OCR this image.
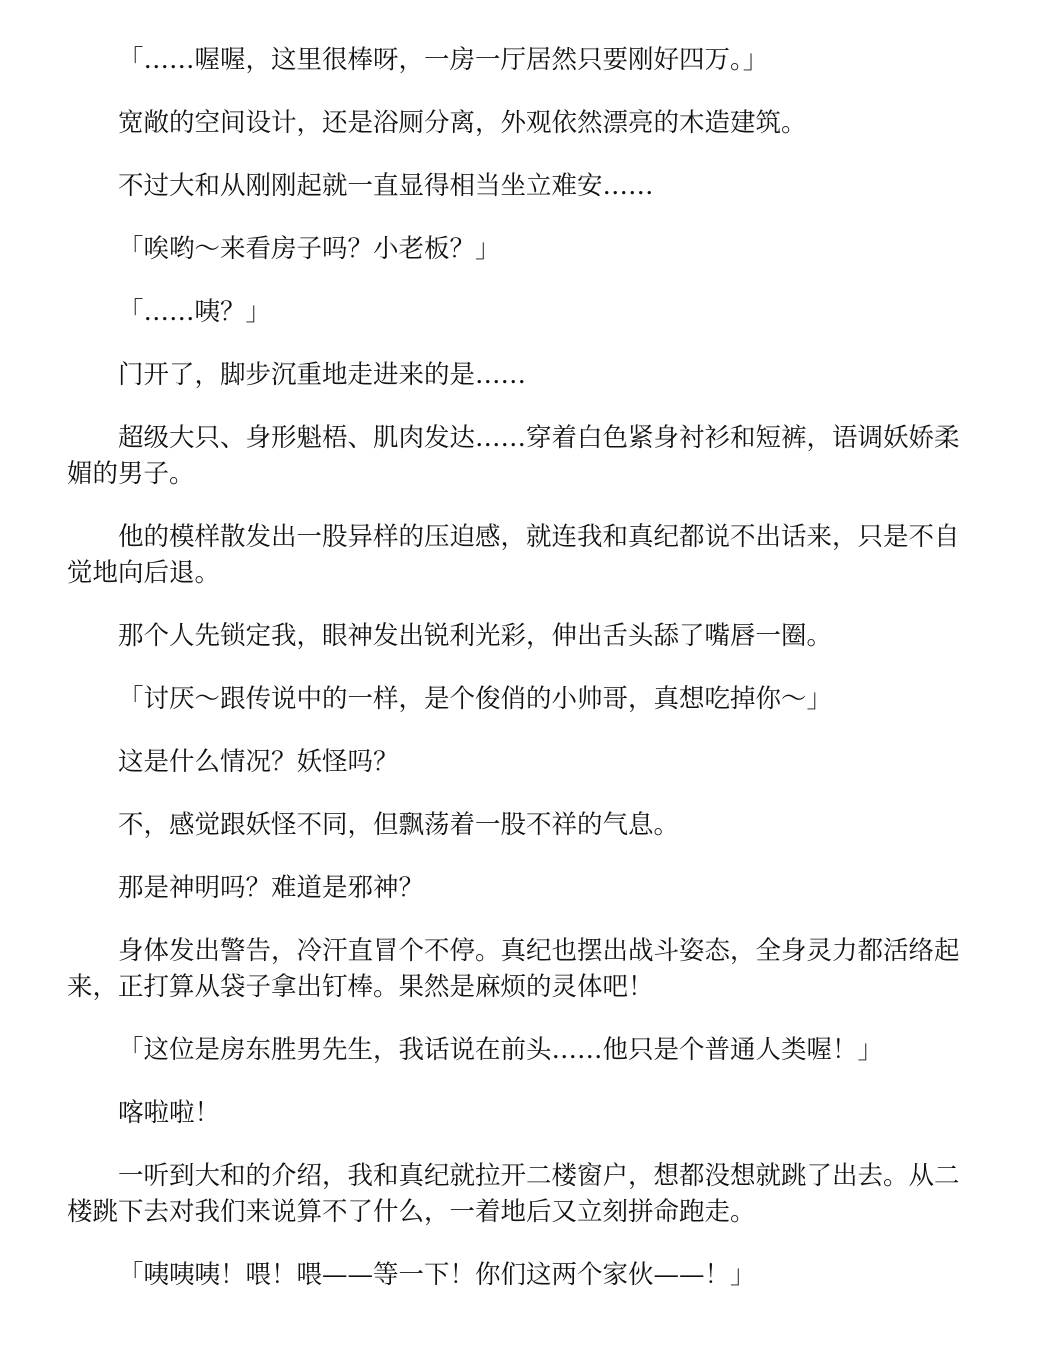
「……喔喔，这里很棒呀，一房一厅居然只要刚好四万。」

宽敞的空间设计，还是浴厕分离，外观依然漂亮的木造建筑。

不过大和从刚刚起就一直显得相当坐立难安……

「唉哟～来看房子吗？小老板？」

「……咦？」

门开了，脚步沉重地走进来的是……

超级大只、身形魁梧、肌肉发达……穿着白色紧身衬衫和短裤，语调妖娇柔媚的男子。

他的模样散发出一股异样的压迫感，就连我和真纪都说不出话来，只是不自觉地向后退。

那个人先锁定我，眼神发出锐利光彩，伸出舌头舔了嘴唇一圈。

「讨厌～跟传说中的一样，是个俊俏的小帅哥，真想吃掉你～」

这是什么情况？妖怪吗？

不，感觉跟妖怪不同，但飘荡着一股不祥的气息。

那是神明吗？难道是邪神？

身体发出警告，冷汗直冒个不停。真纪也摆出战斗姿态，全身灵力都活络起来，正打算从袋子拿出钉棒。果然是麻烦的灵体吧！

「这位是房东胜男先生，我话说在前头……他只是个普通人类喔！」

喀啦啦！

一听到大和的介绍，我和真纪就拉开二楼窗户，想都没想就跳了出去。从二楼跳下去对我们来说算不了什么，一着地后又立刻拼命跑走。

「咦咦咦！喂！喂——等一下！你们这两个家伙——！」
